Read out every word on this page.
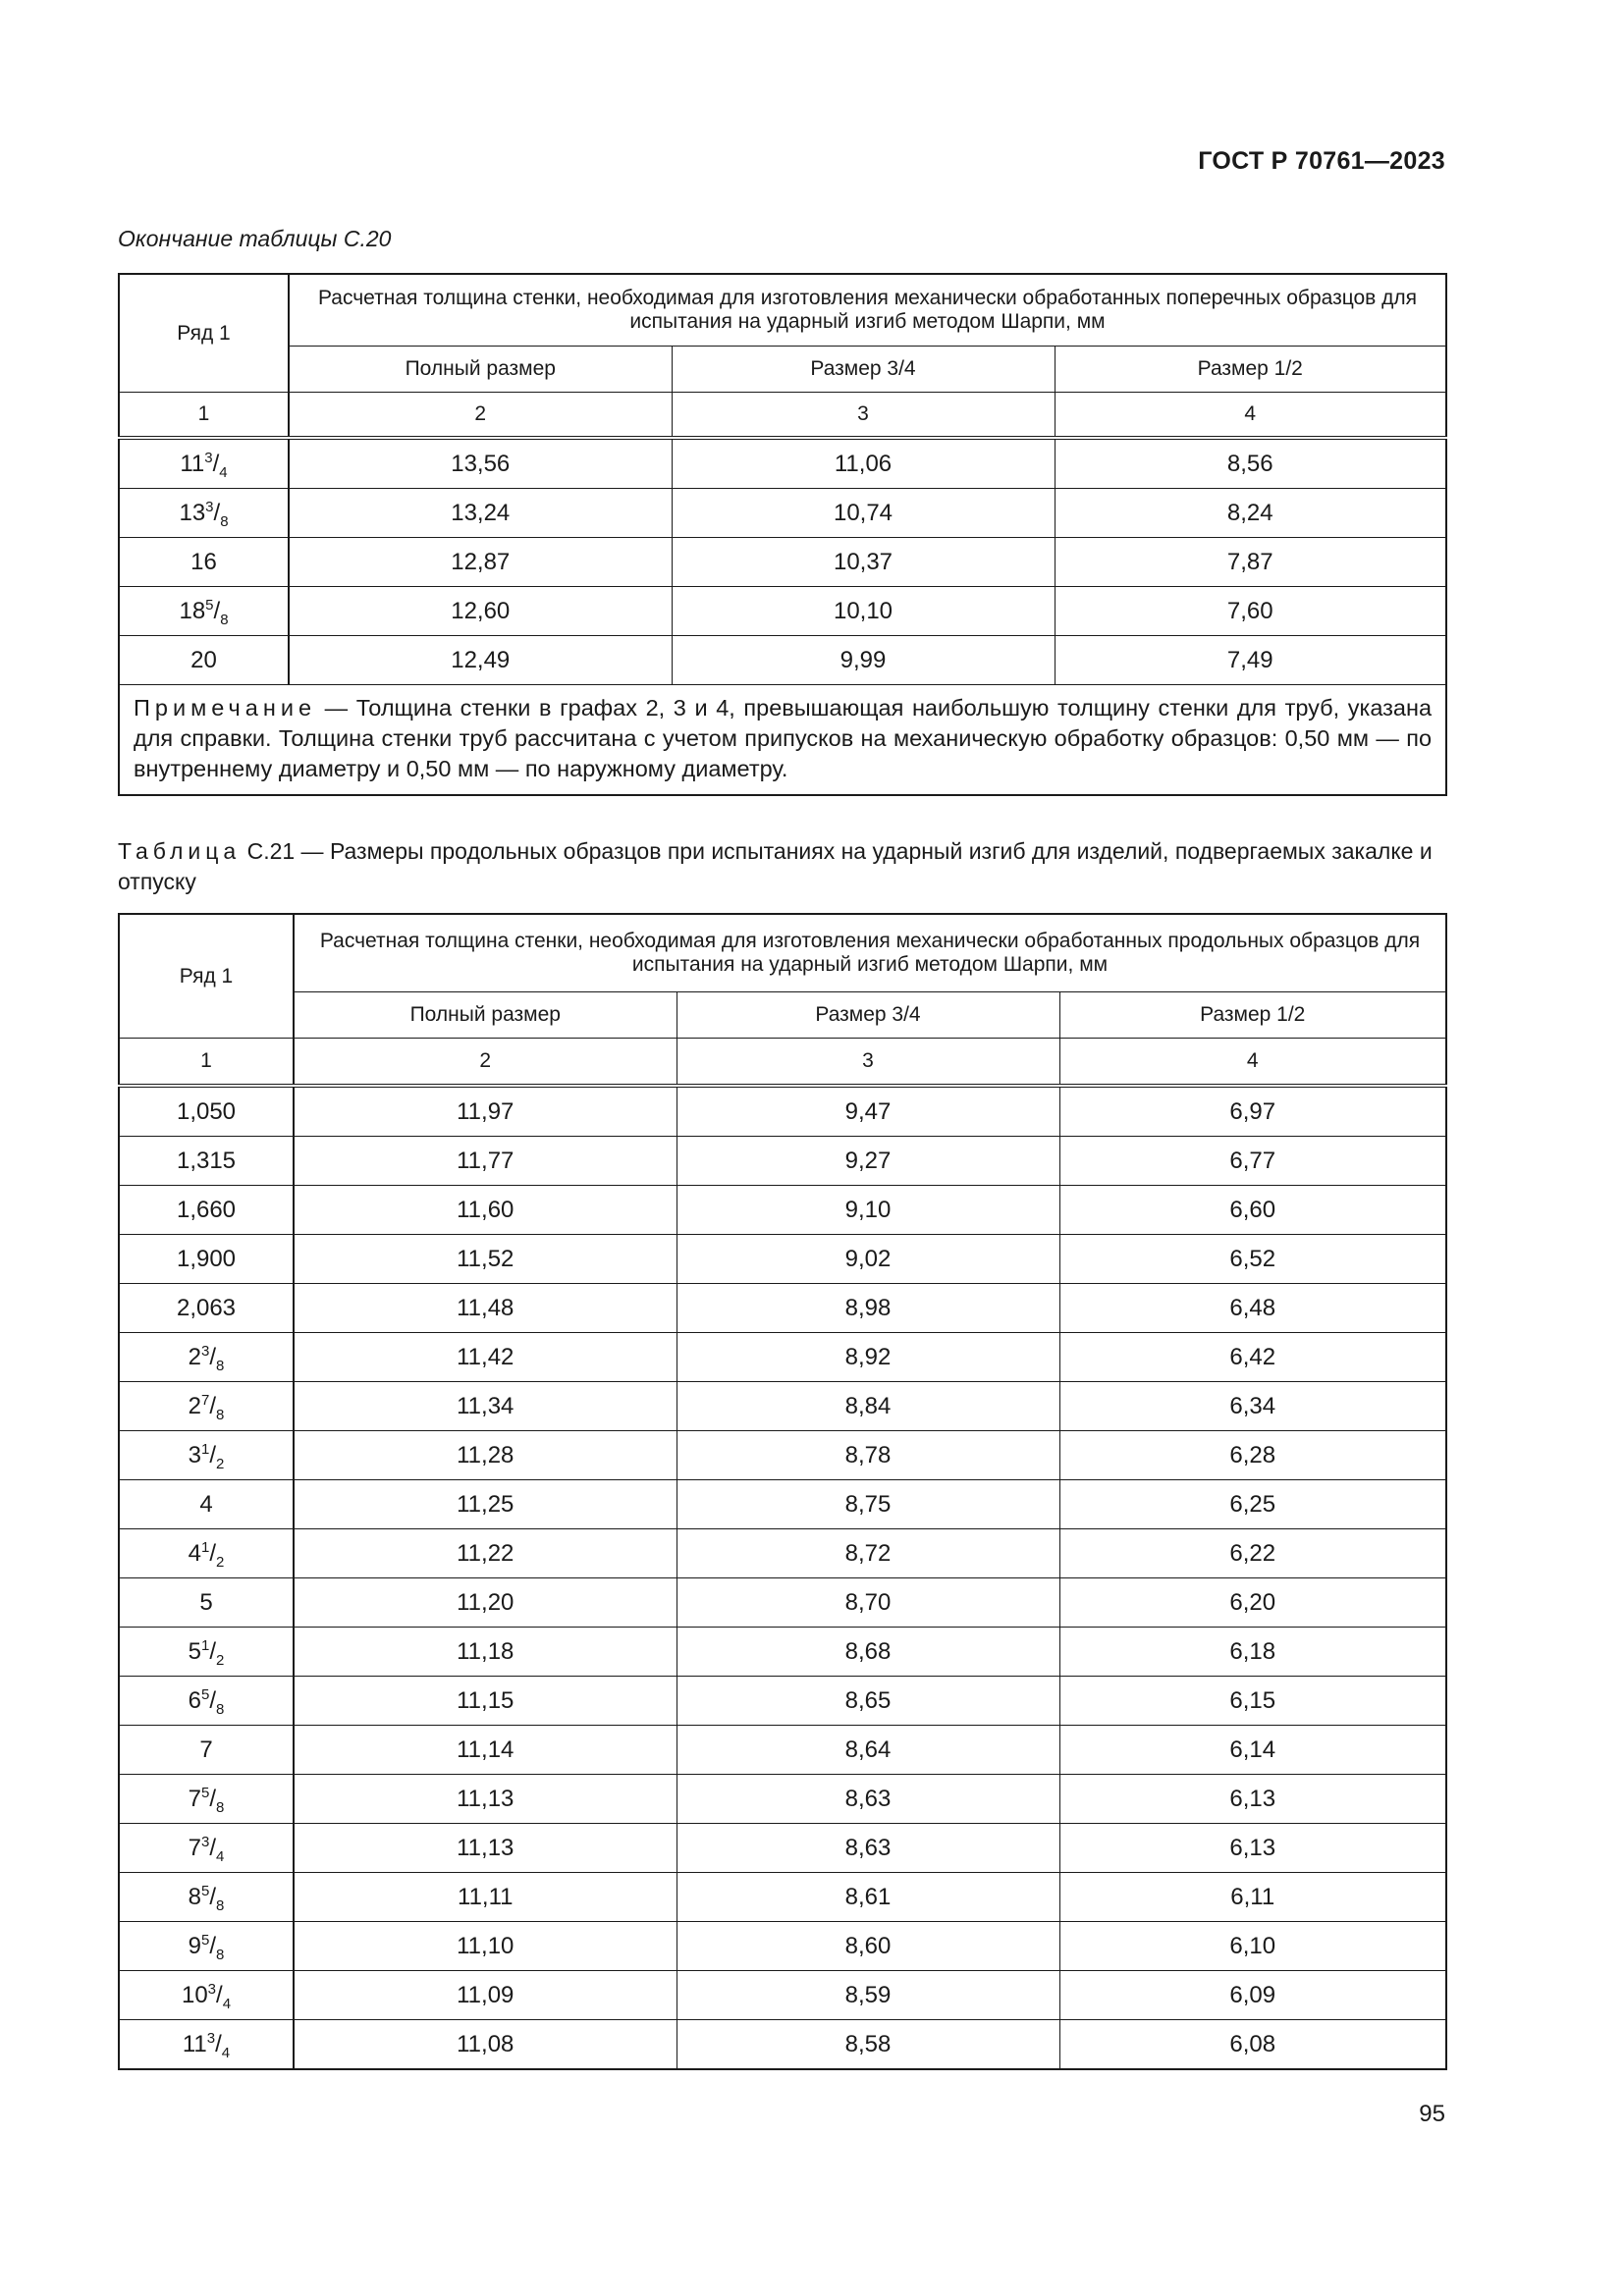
ГОСТ Р 70761—2023
Окончание таблицы С.20
Ряд 1	Расчетная толщина стенки, необходимая для изготовления механически обработанных поперечных образцов для испытания на ударный изгиб методом Шарпи, мм		
	Полный размер	Размер 3/4	Размер 1/2
1	2	3	4
$11^3/_4$	13,56	11,06	8,56
$13^3/_8$	13,24	10,74	8,24
16	12,87	10,37	7,87
$18^5/_8$	12,60	10,10	7,60
20	12,49	9,99	7,49
Примечание — Толщина стенки в графах 2, 3 и 4, превышающая наибольшую толщину стенки для труб, указана для справки. Толщина стенки труб рассчитана с учетом припусков на механическую обработку образцов: 0,50 мм — по внутреннему диаметру и 0,50 мм — по наружному диаметру.			
Таблица С.21 — Размеры продольных образцов при испытаниях на ударный изгиб для изделий, подвергаемых закалке и отпуску
Ряд 1	Расчетная толщина стенки, необходимая для изготовления механически обработанных продольных образцов для испытания на ударный изгиб методом Шарпи, мм		
	Полный размер	Размер 3/4	Размер 1/2
1	2	3	4
1,050	11,97	9,47	6,97
1,315	11,77	9,27	6,77
1,660	11,60	9,10	6,60
1,900	11,52	9,02	6,52
2,063	11,48	8,98	6,48
$2^3/_8$	11,42	8,92	6,42
$2^7/_8$	11,34	8,84	6,34
$3^1/_2$	11,28	8,78	6,28
4	11,25	8,75	6,25
$4^1/_2$	11,22	8,72	6,22
5	11,20	8,70	6,20
$5^1/_2$	11,18	8,68	6,18
$6^5/_8$	11,15	8,65	6,15
7	11,14	8,64	6,14
$7^5/_8$	11,13	8,63	6,13
$7^3/_4$	11,13	8,63	6,13
$8^5/_8$	11,11	8,61	6,11
$9^5/_8$	11,10	8,60	6,10
$10^3/_4$	11,09	8,59	6,09
$11^3/_4$	11,08	8,58	6,08
95
